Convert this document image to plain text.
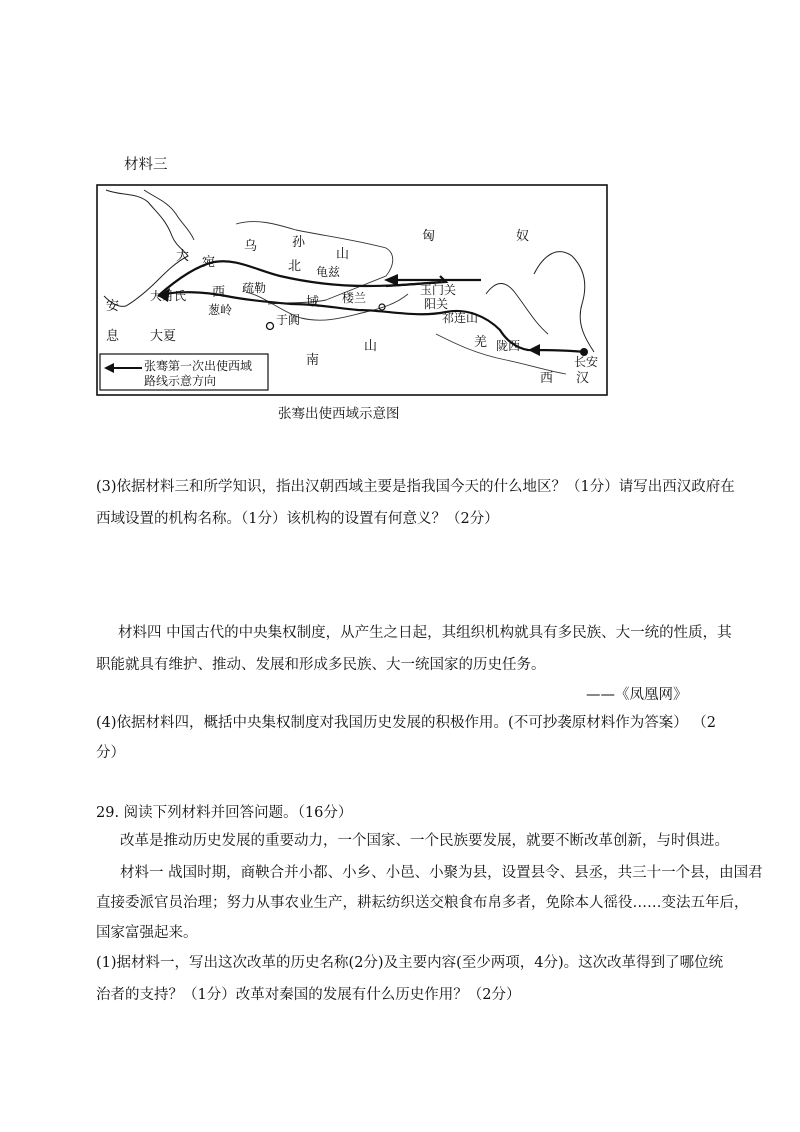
材料三
大 宛
乌	孙
山
匈	奴
北 龟兹
西 疏勒
域 楼兰
玉门关
阳关
祁连山
大月氏
安
息 大夏
葱岭
于阗
南
山	羌 陇西
长安
西 汉
张骞第一次出使西域
路线示意方向
张骞出使西域示意图
(3)依据材料三和所学知识，指出汉朝西域主要是指我国今天的什么地区？（1分）请写出西汉政府在
西域设置的机构名称。（1分）该机构的设置有何意义？（2分）
材料四 中国古代的中央集权制度，从产生之日起，其组织机构就具有多民族、大一统的性质，其
职能就具有维护、推动、发展和形成多民族、大一统国家的历史任务。
——《凤凰网》
(4)依据材料四，概括中央集权制度对我国历史发展的积极作用。(不可抄袭原材料作为答案） （2
分）
29. 阅读下列材料并回答问题。（16分）
改革是推动历史发展的重要动力，一个国家、一个民族要发展，就要不断改革创新，与时俱进。
材料一 战国时期，商鞅合并小都、小乡、小邑、小聚为县，设置县令、县丞，共三十一个县，由国君
直接委派官员治理；努力从事农业生产，耕耘纺织送交粮食布帛多者，免除本人徭役……变法五年后，
国家富强起来。
(1)据材料一，写出这次改革的历史名称(2分)及主要内容(至少两项，4分)。这次改革得到了哪位统
治者的支持？（1分）改革对秦国的发展有什么历史作用？（2分）
